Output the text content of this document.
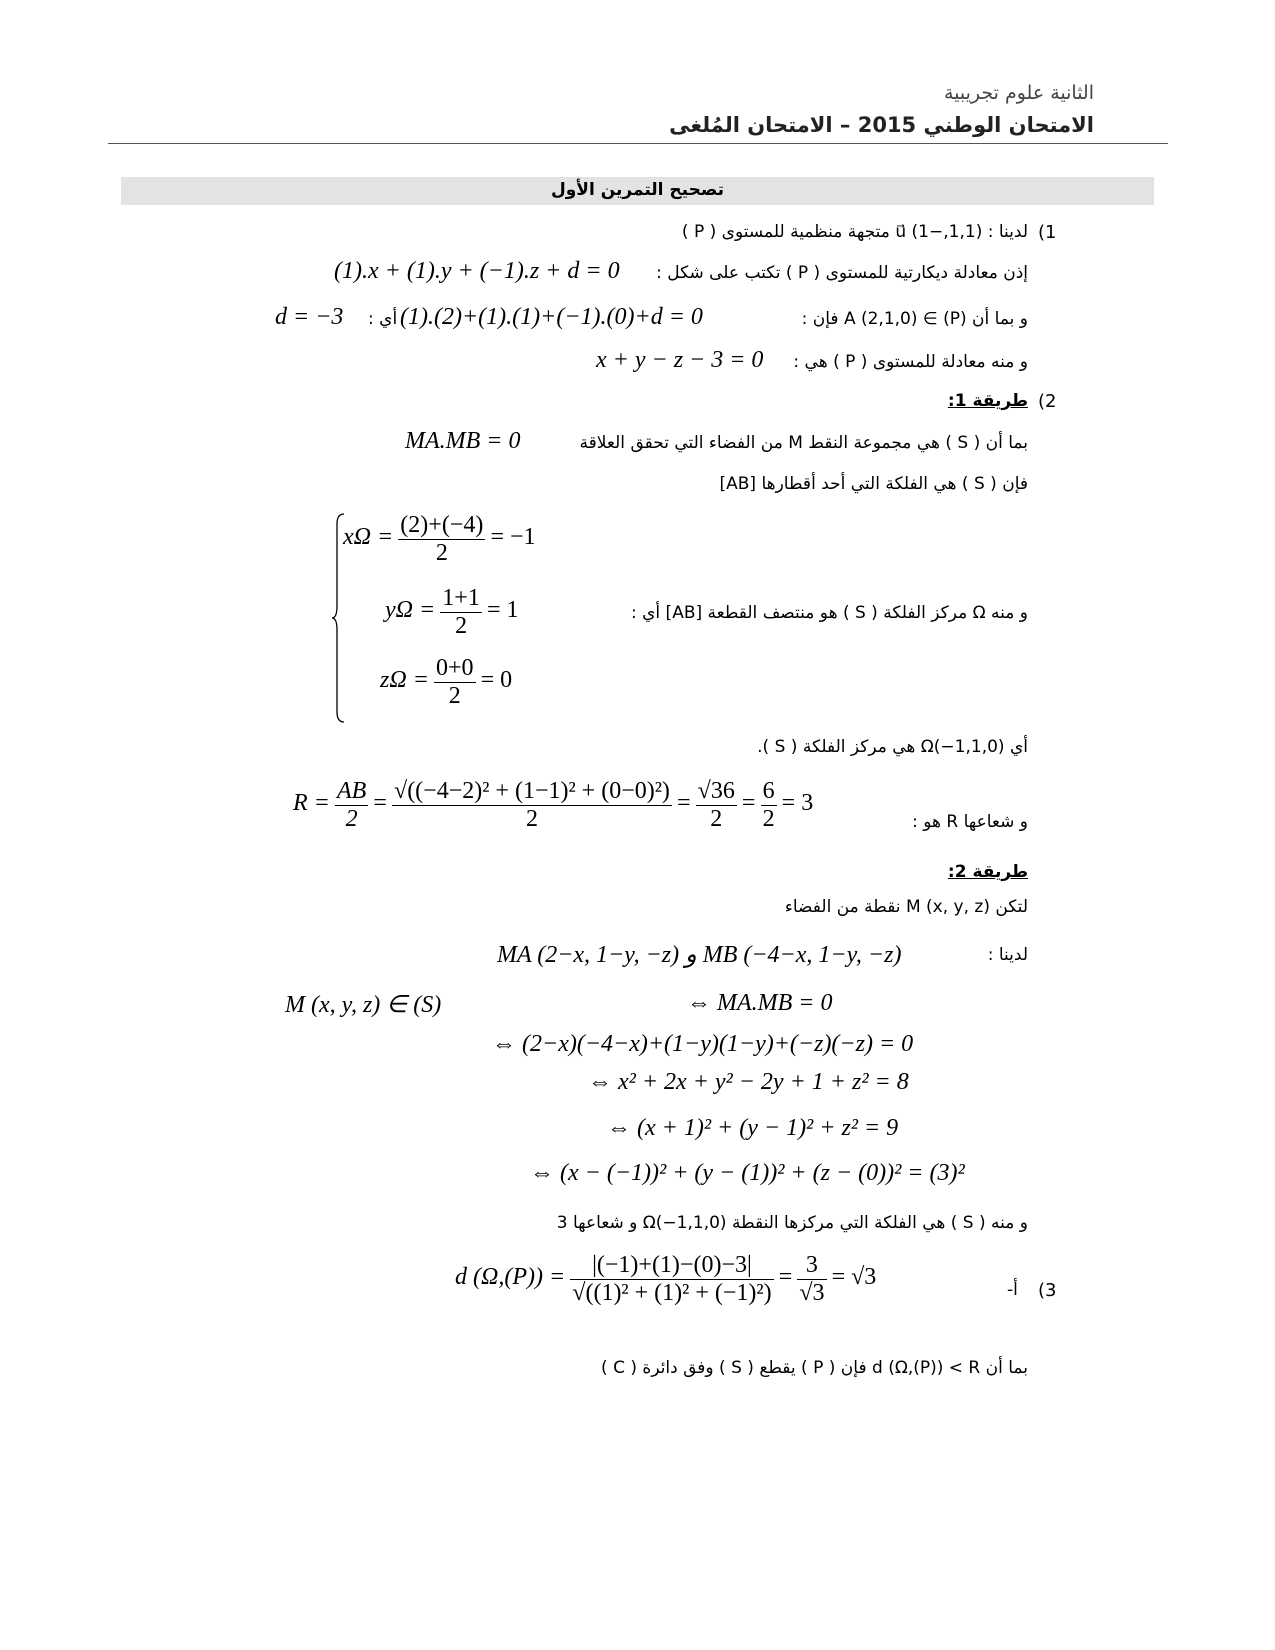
الثانية علوم تجريبية
الامتحان الوطني 2015 – الامتحان المُلغى
تصحيح التمرين الأول
(1
لدينا : (1,1,−1) u⃗ متجهة منظمية للمستوى ( P )
إذن معادلة ديكارتية للمستوى ( P ) تكتب على شكل :
(1).x + (1).y + (−1).z + d = 0
و بما أن A (2,1,0) ∈ (P) فإن :
(1).(2)+(1).(1)+(−1).(0)+d = 0
أي :
d = −3
و منه معادلة للمستوى ( P ) هي :
x + y − z − 3 = 0
(2
طريقة 1:
بما أن ( S ) هي مجموعة النقط M من الفضاء التي تحقق العلاقة
MA.MB = 0
فإن ( S ) هي الفلكة التي أحد أقطارها [AB]
$x\Omega = \frac{(2)+(-4)}{2} = -1$
$y\Omega = \frac{1+1}{2} = 1$
$z\Omega = \frac{0+0}{2} = 0$
و منه Ω مركز الفلكة ( S ) هو منتصف القطعة [AB] أي :
أي Ω(−1,1,0) هي مركز الفلكة ( S ).
و شعاعها R هو :
$R = \frac{AB}{2} = \frac{\text{√((−4−2)² + (1−1)² + (0−0)²)}}{2} = \frac{√36}{2} = \frac{6}{2} = 3$
طريقة 2:
لتكن M (x, y, z) نقطة من الفضاء
لدينا :
MA (2−x, 1−y, −z) و MB (−4−x, 1−y, −z)
M (x, y, z) ∈ (S)	⇔ MA.MB = 0
⇔ (2−x)(−4−x)+(1−y)(1−y)+(−z)(−z) = 0
⇔ x² + 2x + y² − 2y + 1 + z² = 8
⇔ (x + 1)² + (y − 1)² + z² = 9
⇔ (x − (−1))² + (y − (1))² + (z − (0))² = (3)²
و منه ( S ) هي الفلكة التي مركزها النقطة Ω(−1,1,0) و شعاعها 3
(3
أ-
d $(\Omega,(P)) = \frac{|(-1)+(1)-(0)-3|}{\text{√((1)² + (1)² + (−1)²)}} = \frac{3}{√3} = √3$
بما أن d (Ω,(P)) < R فإن ( P ) يقطع ( S ) وفق دائرة ( C )
